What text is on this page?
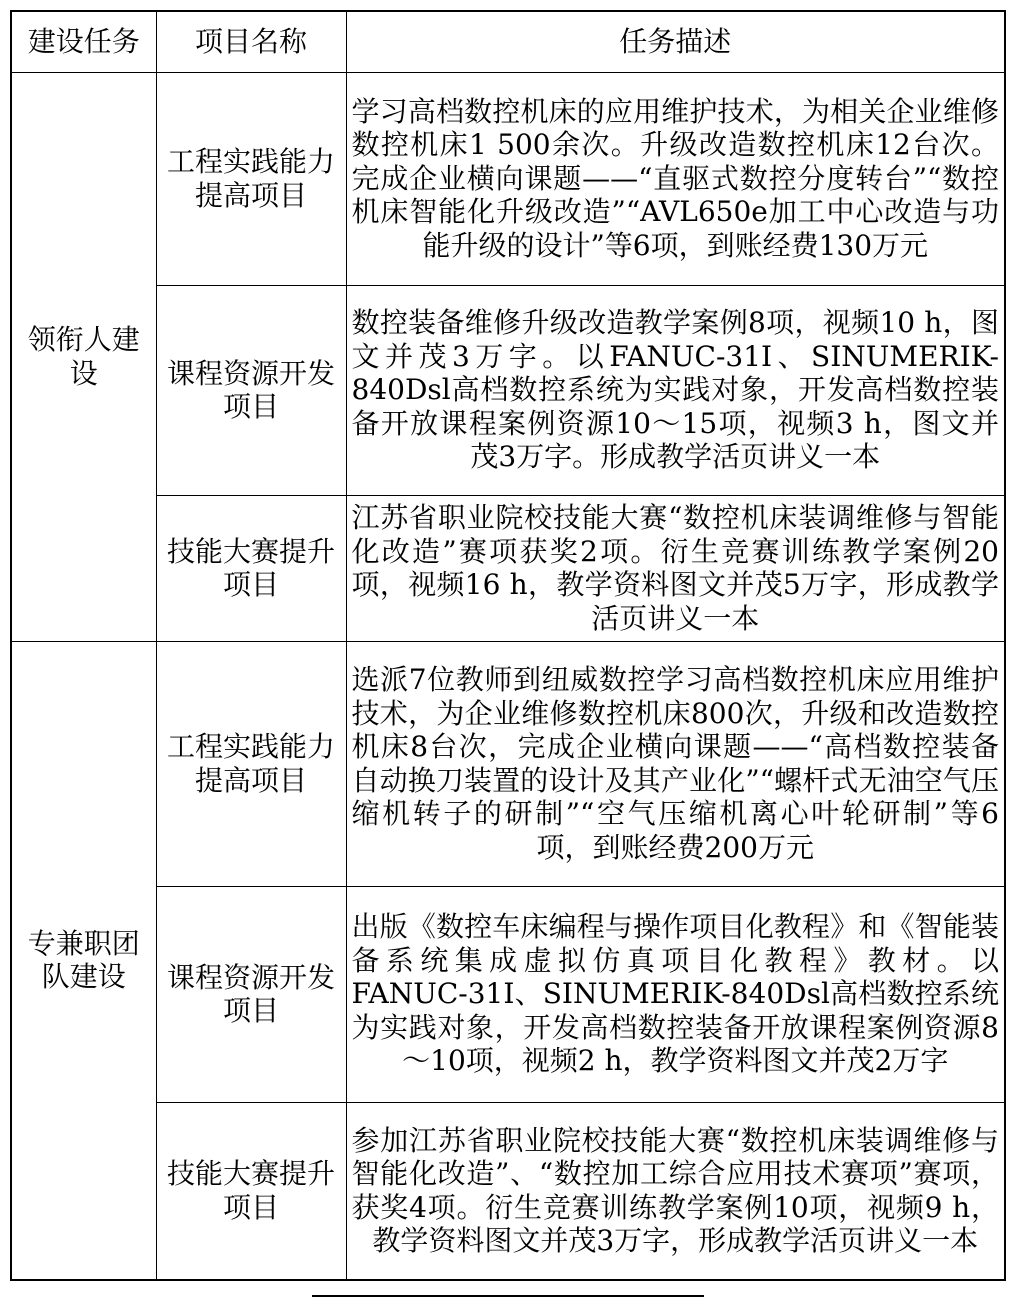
建设任务	项目名称	任务描述
领衔人建设	工程实践能力提高项目	学习高档数控机床的应用维护技术，为相关企业维修数控机床1 500余次。升级改造数控机床12台次。完成企业横向课题——“直驱式数控分度转台”“数控机床智能化升级改造”“AVL650e加工中心改造与功能升级的设计”等6项，到账经费130万元
	课程资源开发项目	数控装备维修升级改造教学案例8项，视频10 h，图文并茂3万字。以FANUC-31I、SINUMERIK-840Dsl高档数控系统为实践对象，开发高档数控装备开放课程案例资源10～15项，视频3 h，图文并茂3万字。形成教学活页讲义一本
	技能大赛提升项目	江苏省职业院校技能大赛“数控机床装调维修与智能化改造”赛项获奖2项。衍生竞赛训练教学案例20项，视频16 h，教学资料图文并茂5万字，形成教学活页讲义一本
专兼职团队建设	工程实践能力提高项目	选派7位教师到纽威数控学习高档数控机床应用维护技术，为企业维修数控机床800次，升级和改造数控机床8台次，完成企业横向课题——“高档数控装备自动换刀装置的设计及其产业化”“螺杆式无油空气压缩机转子的研制”“空气压缩机离心叶轮研制”等6项，到账经费200万元
	课程资源开发项目	出版《数控车床编程与操作项目化教程》和《智能装备系统集成虚拟仿真项目化教程》教材。以FANUC-31I、SINUMERIK-840Dsl高档数控系统为实践对象，开发高档数控装备开放课程案例资源8～10项，视频2 h，教学资料图文并茂2万字
	技能大赛提升项目	参加江苏省职业院校技能大赛“数控机床装调维修与智能化改造”、“数控加工综合应用技术赛项”赛项，获奖4项。衍生竞赛训练教学案例10项，视频9 h，教学资料图文并茂3万字，形成教学活页讲义一本
